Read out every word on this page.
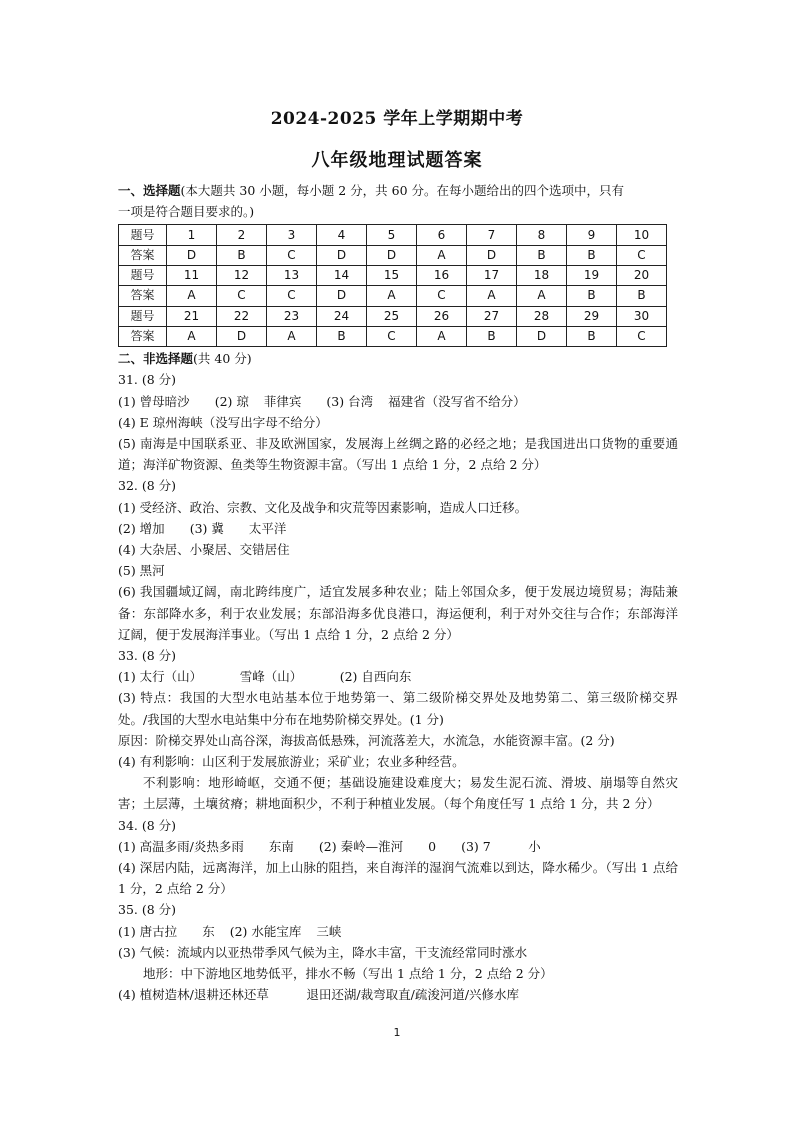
2024-2025 学年上学期期中考
八年级地理试题答案

一、选择题(本大题共 30 小题，每小题 2 分，共 60 分。在每小题给出的四个选项中，只有

一项是符合题目要求的。)

题号	1	2	3	4	5	6	7	8	9	10
答案	D	B	C	D	D	A	D	B	B	C
题号	11	12	13	14	15	16	17	18	19	20
答案	A	C	C	D	A	C	A	A	B	B
题号	21	22	23	24	25	26	27	28	29	30
答案	A	D	A	B	C	A	B	D	B	C

二、非选择题(共 40 分)

31. (8 分)

(1) 曾母暗沙 (2) 琼 菲律宾 (3) 台湾 福建省（没写省不给分）

(4) E 琼州海峡（没写出字母不给分）

(5) 南海是中国联系亚、非及欧洲国家，发展海上丝绸之路的必经之地；是我国进出口货物的重要通道；海洋矿物资源、鱼类等生物资源丰富。（写出 1 点给 1 分，2 点给 2 分）

32. (8 分)

(1) 受经济、政治、宗教、文化及战争和灾荒等因素影响，造成人口迁移。

(2) 增加 (3) 冀 太平洋

(4) 大杂居、小聚居、交错居住

(5) 黑河

(6) 我国疆域辽阔，南北跨纬度广，适宜发展多种农业；陆上邻国众多，便于发展边境贸易；海陆兼备：东部降水多，利于农业发展；东部沿海多优良港口，海运便利，利于对外交往与合作；东部海洋辽阔，便于发展海洋事业。（写出 1 点给 1 分，2 点给 2 分）

33. (8 分)

(1) 太行（山）	雪峰（山）	(2) 自西向东

(3) 特点：我国的大型水电站基本位于地势第一、第二级阶梯交界处及地势第二、第三级阶梯交界处。/我国的大型水电站集中分布在地势阶梯交界处。(1 分)

原因：阶梯交界处山高谷深，海拔高低悬殊，河流落差大，水流急，水能资源丰富。(2 分)

(4) 有利影响：山区利于发展旅游业；采矿业；农业多种经营。

不利影响：地形崎岖，交通不便；基础设施建设难度大；易发生泥石流、滑坡、崩塌等自然灾害；土层薄，土壤贫瘠；耕地面积少，不利于种植业发展。（每个角度任写 1 点给 1 分，共 2 分）

34. (8 分)

(1) 高温多雨/炎热多雨 东南 (2) 秦岭—淮河 0 (3) 7	小

(4) 深居内陆，远离海洋，加上山脉的阻挡，来自海洋的湿润气流难以到达，降水稀少。（写出 1 点给 1 分，2 点给 2 分）

35. (8 分)

(1) 唐古拉 东 (2) 水能宝库 三峡

(3) 气候：流域内以亚热带季风气候为主，降水丰富，干支流经常同时涨水

地形：中下游地区地势低平，排水不畅（写出 1 点给 1 分，2 点给 2 分）

(4) 植树造林/退耕还林还草	退田还湖/裁弯取直/疏浚河道/兴修水库

1
